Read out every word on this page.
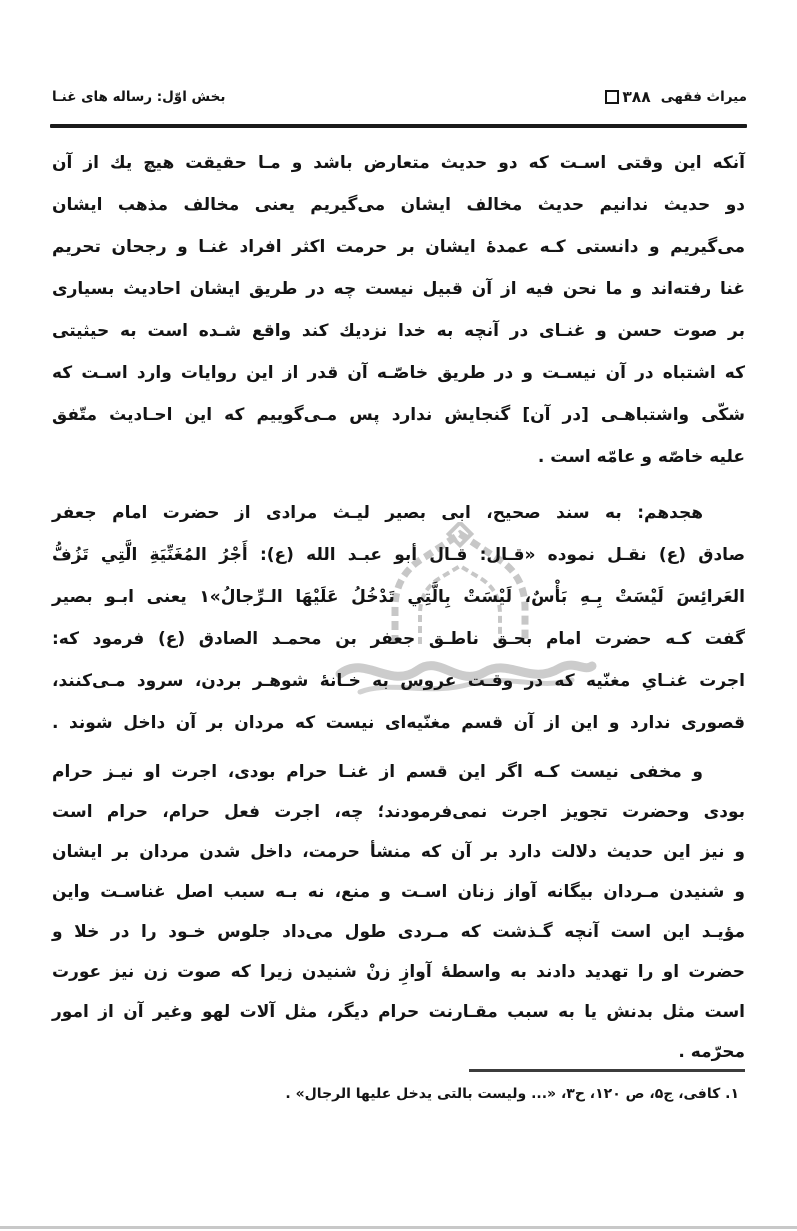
بخش اوّل: رساله های غنـا	۳۸۸ میراث فقهی
آنکه این وقتی اسـت که دو حدیث متعارض باشد و مـا حقیقت هیچ یك از آن
دو حدیث ندانیم حدیث مخالف ایشان می‌گیریم یعنی مخالف مذهب ایشان
می‌گیریم و دانستی کـه عمدهٔ ایشان بر حرمت اکثر افراد غنـا و رجحان تحریم
غنا رفته‌اند و ما نحن فیه از آن قبیل نیست چه در طریق ایشان احادیث بسیاری
بر صوت حسن و غنـای در آنچه به خدا نزدیك کند واقع شـده است به حیثیتی
که اشتباه در آن نیسـت و در طریق خاصّـه آن قدر از این روایات وارد اسـت که
شکّی واشتباهـی [در آن] گنجایش ندارد پس مـی‌گوییم که این احـادیث متّفق
علیه خاصّه و عامّه است .
هجدهم: به سند صحیح، ابی بصیر لیـث مرادی از حضرت امام جعفر
صادق (ع) نقـل نموده «قـال: قـال أبو عبـد الله (ع): أَجْرُ المُغَنِّيَةِ الَّتِي تَزُفُّ
العَرائِسَ لَيْسَتْ بِـهِ بَأْسٌ، لَيْسَتْ بِالَّتِي تَدْخُلُ عَلَيْهَا الـرِّجالُ»۱ یعنی ابـو بصیر
گفت کـه حضرت امام بحـق ناطـق جعفر بن محمـد الصادق (ع) فرمود که:
اجرت غنـایِ مغنّیه که در وقـت عروس به خـانهٔ شوهـر بردن، سرود مـی‌کنند،
قصوری ندارد و این از آن قسم مغنّیه‌ای نیست که مردان بر آن داخل شوند .
و مخفی نیست کـه اگر این قسم از غنـا حرام بودی، اجرت او نیـز حرام
بودی وحضرت تجویز اجرت نمی‌فرمودند؛ چه، اجرت فعل حرام، حرام است
و نیز این حدیث دلالت دارد بر آن که منشأ حرمت، داخل شدن مردان بر ایشان
و شنیدن مـردان بیگانه آواز زنان اسـت و منع، نه بـه سبب اصل غناسـت واین
مؤیـد این است آنچه گـذشت که مـردی طول می‌داد جلوس خـود را در خلا و
حضرت او را تهدید دادند به واسطهٔ آوازِ زنْ شنیدن زیرا که صوت زن نیز عورت
است مثل بدنش یا به سبب مقـارنت حرام دیگر، مثل آلات لهو وغیر آن از امور
محرّمه .
۱. کافی، ج۵، ص ۱۲۰، ح۳، «... ولیست بالتی یدخل علیها الرجال» .
